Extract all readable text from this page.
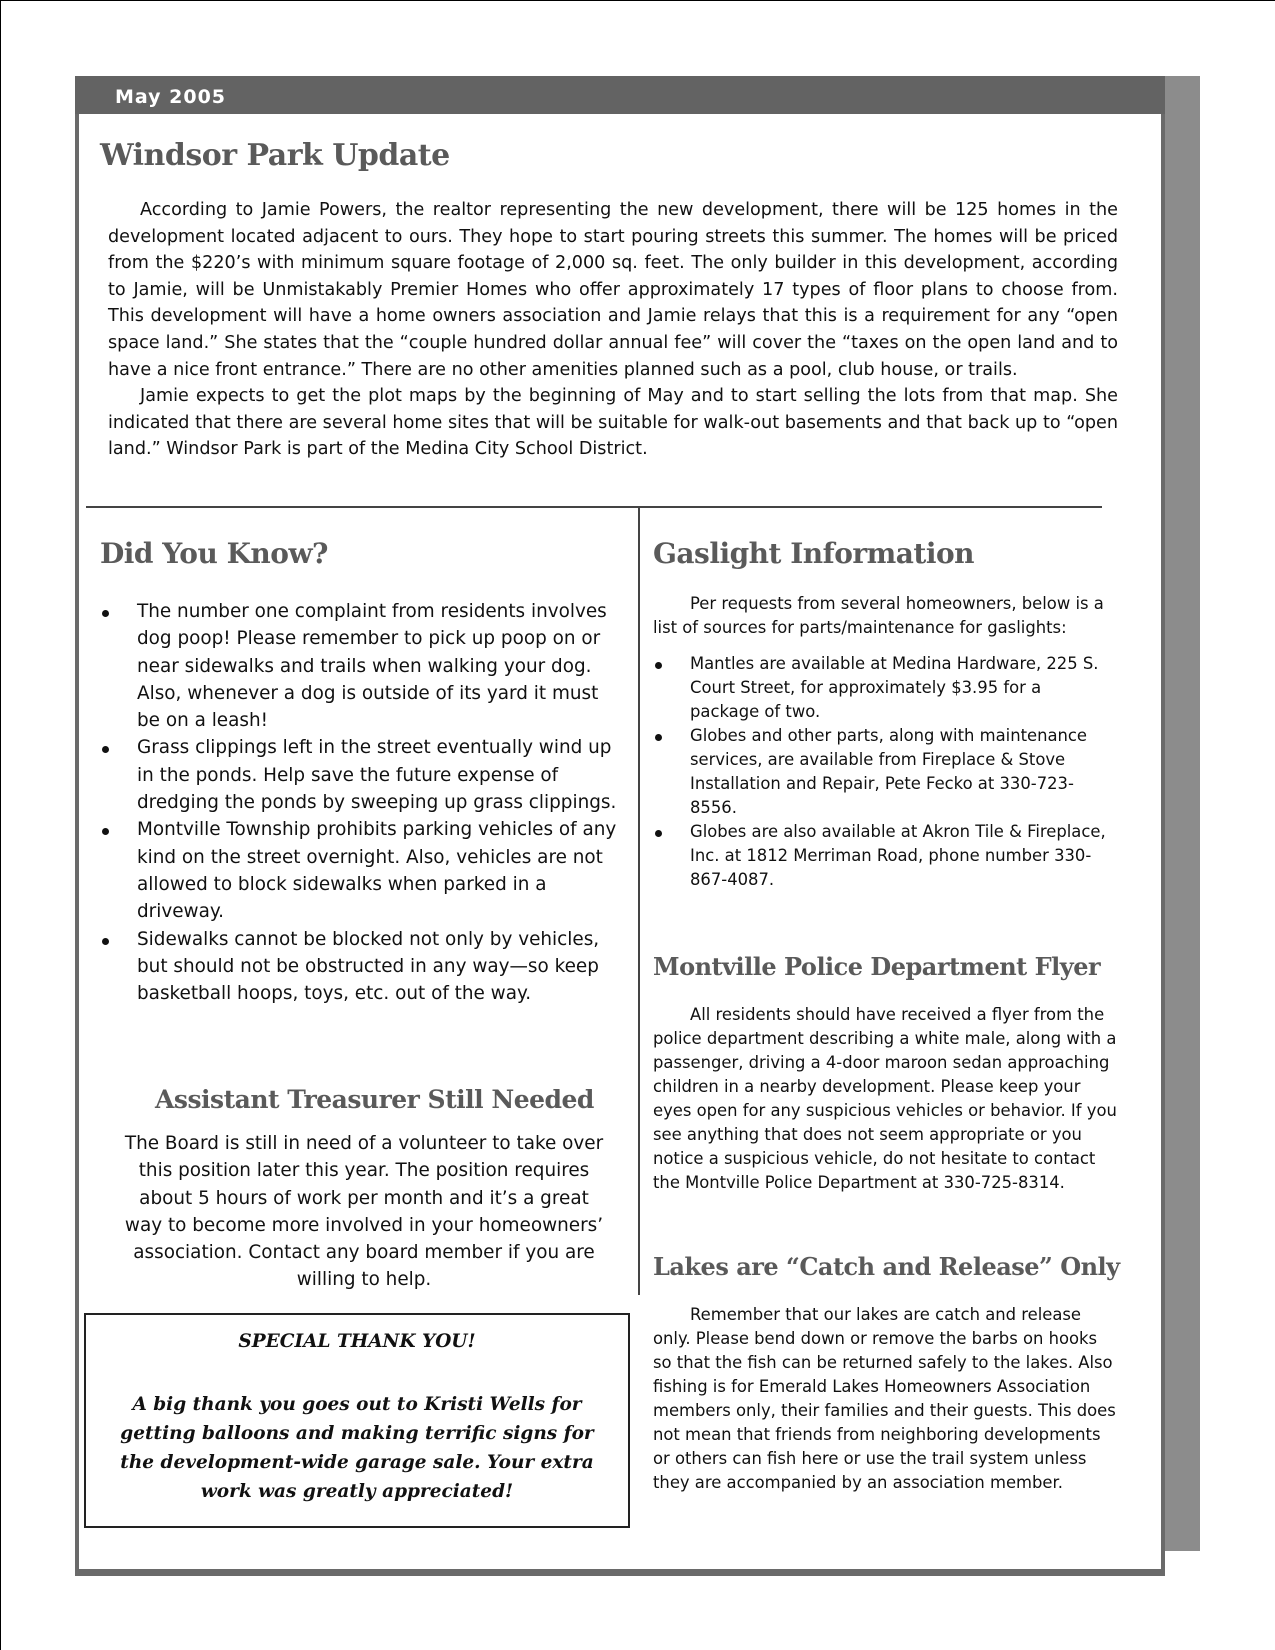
May 2005
Windsor Park Update

According to Jamie Powers, the realtor representing the new development, there will be 125 homes in the development located adjacent to ours. They hope to start pouring streets this summer. The homes will be priced from the $220’s with minimum square footage of 2,000 sq. feet. The only builder in this development, according to Jamie, will be Unmistakably Premier Homes who offer approximately 17 types of floor plans to choose from. This development will have a home owners association and Jamie relays that this is a requirement for any “open space land.” She states that the “couple hundred dollar annual fee” will cover the “taxes on the open land and to have a nice front entrance.” There are no other amenities planned such as a pool, club house, or trails.

Jamie expects to get the plot maps by the beginning of May and to start selling the lots from that map. She indicated that there are several home sites that will be suitable for walk-out basements and that back up to “open land.” Windsor Park is part of the Medina City School District.

Did You Know?
The number one complaint from residents involves dog poop! Please remember to pick up poop on or near sidewalks and trails when walking your dog. Also, whenever a dog is outside of its yard it must be on a leash!
Grass clippings left in the street eventually wind up in the ponds. Help save the future expense of dredging the ponds by sweeping up grass clippings.
Montville Township prohibits parking vehicles of any kind on the street overnight. Also, vehicles are not allowed to block sidewalks when parked in a driveway.
Sidewalks cannot be blocked not only by vehicles, but should not be obstructed in any way—so keep basketball hoops, toys, etc. out of the way.
Assistant Treasurer Still Needed
The Board is still in need of a volunteer to take over this position later this year. The position requires about 5 hours of work per month and it’s a great way to become more involved in your homeowners’ association. Contact any board member if you are willing to help.
SPECIAL THANK YOU!
A big thank you goes out to Kristi Wells for getting balloons and making terrific signs for the development-wide garage sale. Your extra work was greatly appreciated!
Gaslight Information

Per requests from several homeowners, below is a list of sources for parts/maintenance for gaslights:

Mantles are available at Medina Hardware, 225 S. Court Street, for approximately $3.95 for a package of two.
Globes and other parts, along with maintenance services, are available from Fireplace & Stove Installation and Repair, Pete Fecko at 330-723-8556.
Globes are also available at Akron Tile & Fireplace, Inc. at 1812 Merriman Road, phone number 330-867-4087.
Montville Police Department Flyer

All residents should have received a flyer from the police department describing a white male, along with a passenger, driving a 4-door maroon sedan approaching children in a nearby development. Please keep your eyes open for any suspicious vehicles or behavior. If you see anything that does not seem appropriate or you notice a suspicious vehicle, do not hesitate to contact the Montville Police Department at 330-725-8314.

Lakes are “Catch and Release” Only

Remember that our lakes are catch and release only. Please bend down or remove the barbs on hooks so that the fish can be returned safely to the lakes. Also fishing is for Emerald Lakes Homeowners Association members only, their families and their guests. This does not mean that friends from neighboring developments or others can fish here or use the trail system unless they are accompanied by an association member.
